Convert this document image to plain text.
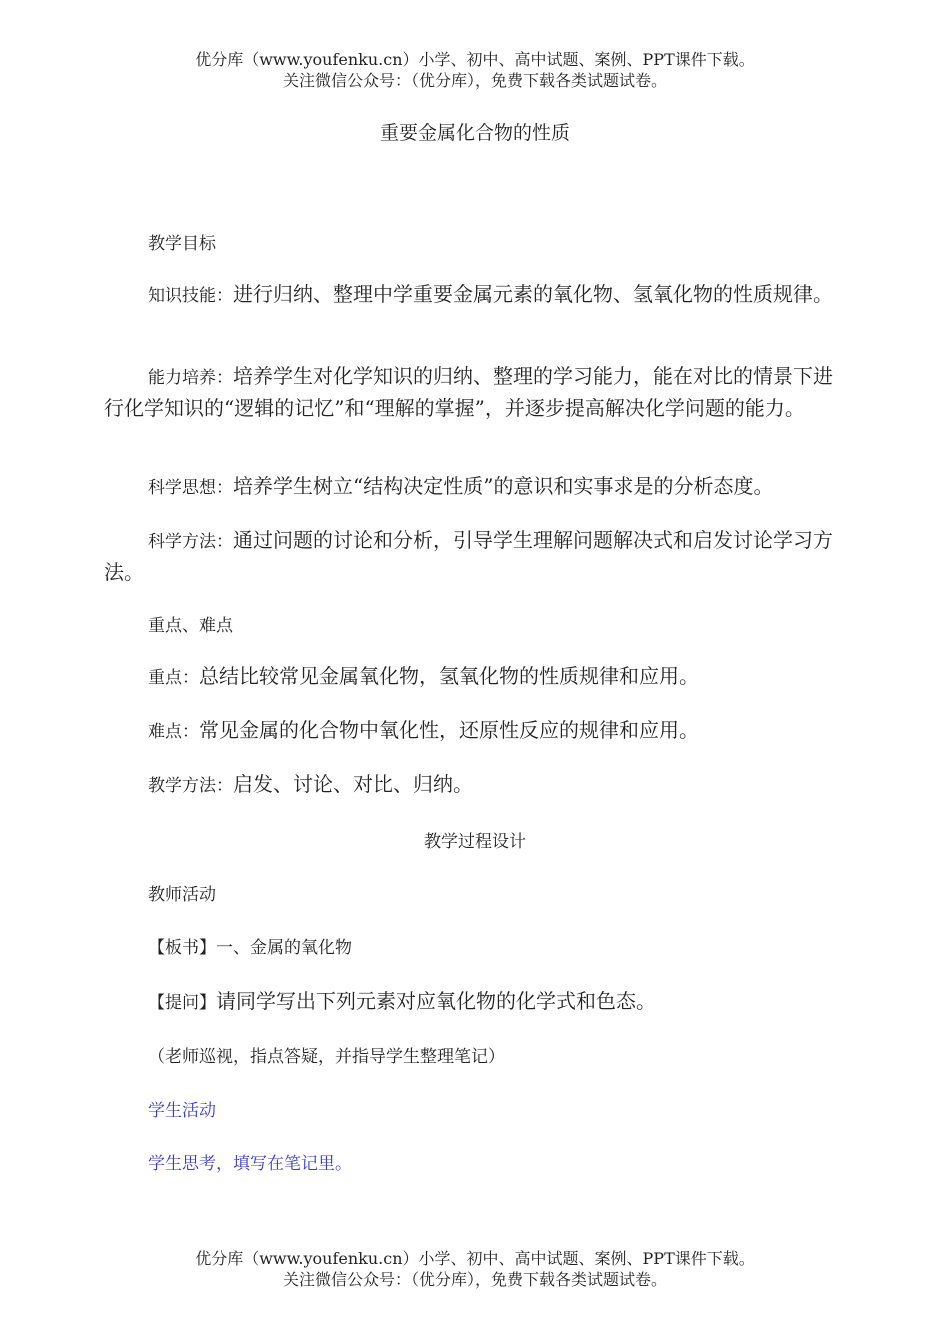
优分库（www.youfenku.cn）小学、初中、高中试题、案例、PPT课件下载。
关注微信公众号：（优分库），免费下载各类试题试卷。
重要金属化合物的性质
教学目标
知识技能：进行归纳、整理中学重要金属元素的氧化物、氢氧化物的性质规律。
能力培养：培养学生对化学知识的归纳、整理的学习能力，能在对比的情景下进行化学知识的“逻辑的记忆”和“理解的掌握”，并逐步提高解决化学问题的能力。
科学思想：培养学生树立“结构决定性质”的意识和实事求是的分析态度。
科学方法：通过问题的讨论和分析，引导学生理解问题解决式和启发讨论学习方法。
重点、难点
重点：总结比较常见金属氧化物，氢氧化物的性质规律和应用。
难点：常见金属的化合物中氧化性，还原性反应的规律和应用。
教学方法：启发、讨论、对比、归纳。
教学过程设计
教师活动
【板书】一、金属的氧化物
【提问】请同学写出下列元素对应氧化物的化学式和色态。
（老师巡视，指点答疑，并指导学生整理笔记）
学生活动
学生思考，填写在笔记里。
优分库（www.youfenku.cn）小学、初中、高中试题、案例、PPT课件下载。
关注微信公众号：（优分库），免费下载各类试题试卷。
